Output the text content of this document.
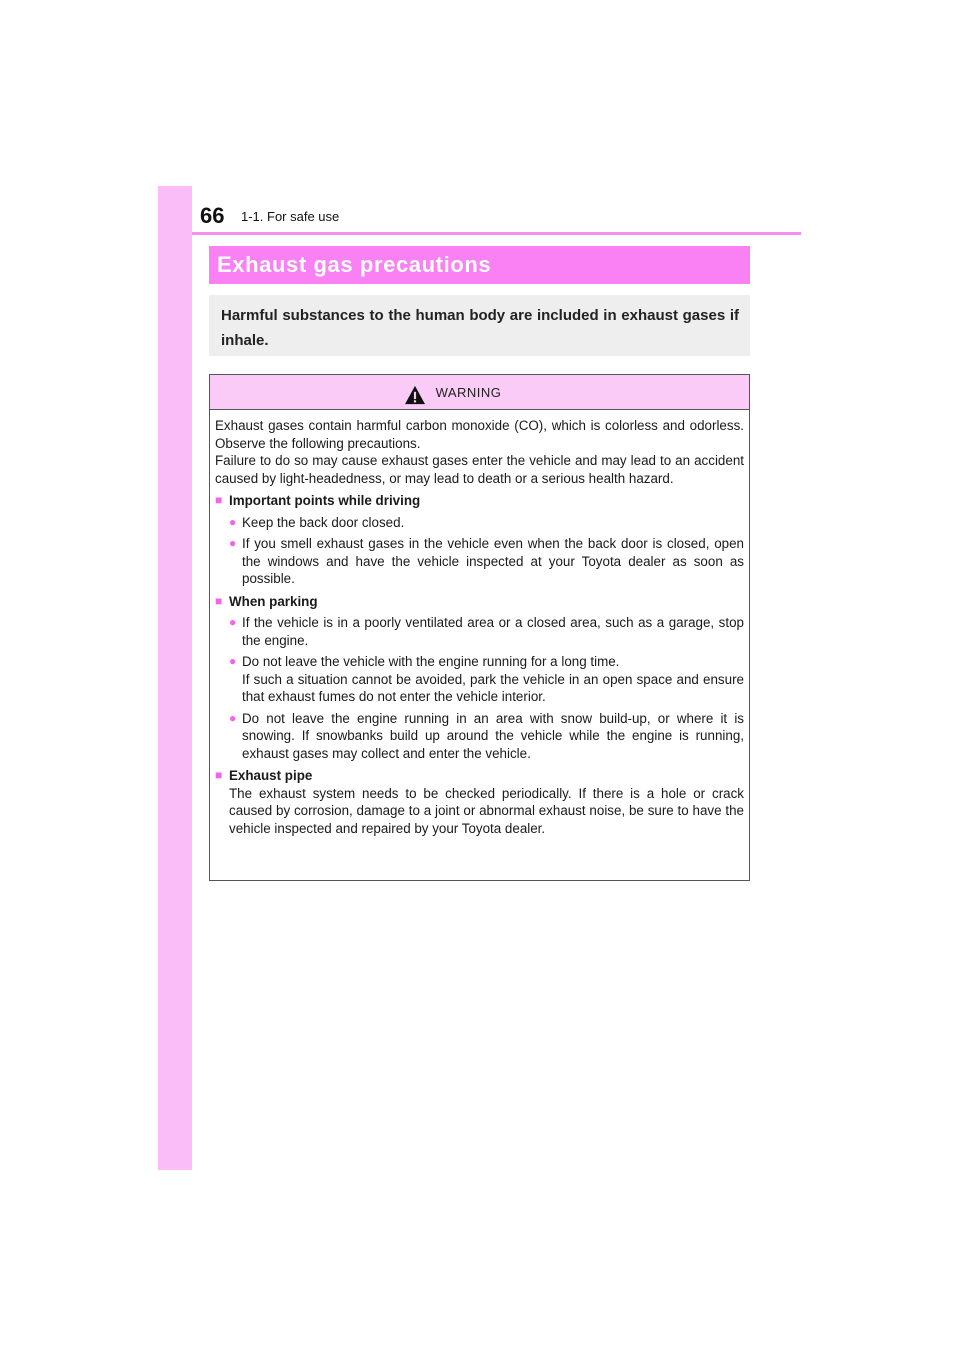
66 1-1. For safe use
Exhaust gas precautions
Harmful substances to the human body are included in exhaust gases if inhale.
WARNING

Exhaust gases contain harmful carbon monoxide (CO), which is colorless and odorless. Observe the following precautions.

Failure to do so may cause exhaust gases enter the vehicle and may lead to an accident caused by light-headedness, or may lead to death or a serious health hazard.

■ Important points while driving
● Keep the back door closed.
● If you smell exhaust gases in the vehicle even when the back door is closed, open the windows and have the vehicle inspected at your Toyota dealer as soon as possible.
■ When parking
● If the vehicle is in a poorly ventilated area or a closed area, such as a garage, stop the engine.
● Do not leave the vehicle with the engine running for a long time.
If such a situation cannot be avoided, park the vehicle in an open space and ensure that exhaust fumes do not enter the vehicle interior.
● Do not leave the engine running in an area with snow build-up, or where it is snowing. If snowbanks build up around the vehicle while the engine is running, exhaust gases may collect and enter the vehicle.
■ Exhaust pipe
The exhaust system needs to be checked periodically. If there is a hole or crack caused by corrosion, damage to a joint or abnormal exhaust noise, be sure to have the vehicle inspected and repaired by your Toyota dealer.
